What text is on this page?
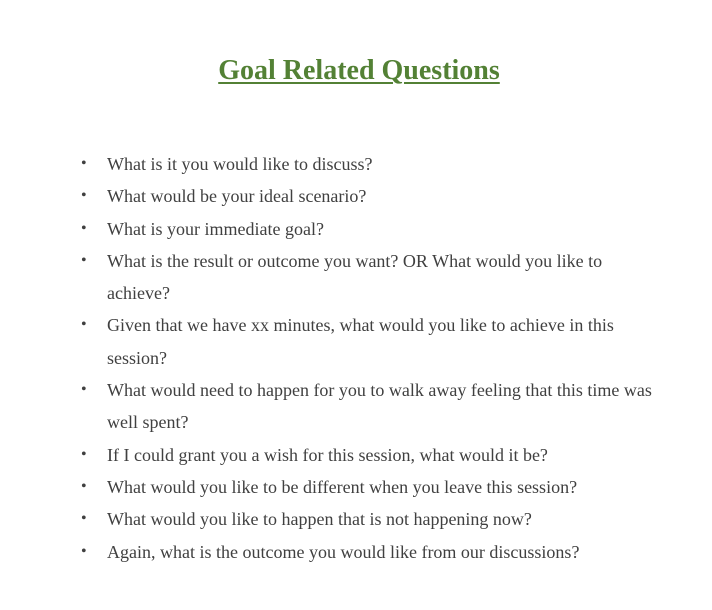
Goal Related Questions
• What is it you would like to discuss?
• What would be your ideal scenario?
• What is your immediate goal?
• What is the result or outcome you want? OR What would you like to achieve?
• Given that we have xx minutes, what would you like to achieve in this session?
• What would need to happen for you to walk away feeling that this time was well spent?
• If I could grant you a wish for this session, what would it be?
• What would you like to be different when you leave this session?
• What would you like to happen that is not happening now?
• Again, what is the outcome you would like from our discussions?
